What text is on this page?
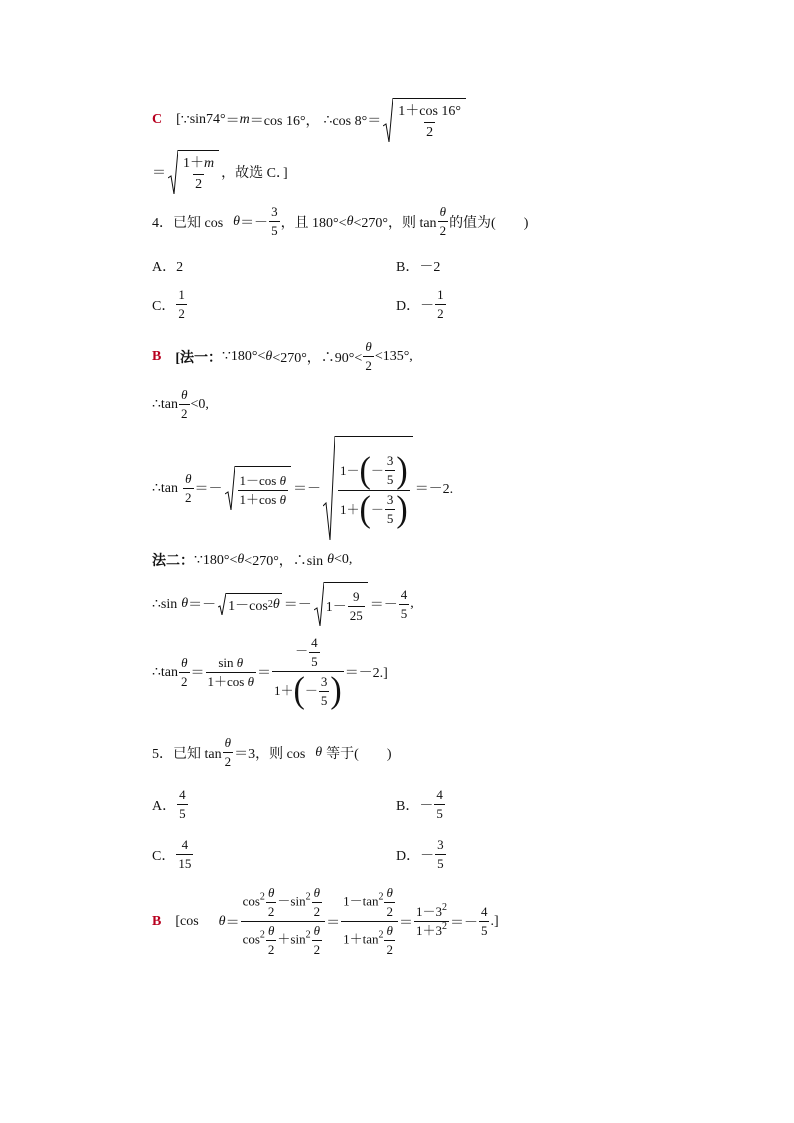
C [ ∵ sin74° ＝ m ＝cos 16°， ∴ $\cos 8^\circ= \frac{1+\cos 16^\circ}{2}$
＝ $\frac{1+m}{2}$ ，故选 C．]
4．已知 $\cos \theta =- \frac{3}{5}$ ，且 180°< θ <270°，则 $\tan \frac{\theta}{2}$ 的值为(　　)
A．2	B．－2
C． $\frac{1}{2}$	D．－ $\frac{1}{2}$
B [法一： ∵180°< θ <270°，∴90°< $\frac{\theta}{2} <135^\circ$,
∴tan $\frac{\theta}{2} <0$,
∴tan $\frac{\theta}{2} =- \frac{\text{1－cos θ}}{\text{1＋cos θ}} =- \frac{1- ( - \frac{3}{5} )}{1+ ( - \frac{3}{5} )} =-2$.
法二： ∵180°< θ <270°，∴sin θ <0,
∴sin θ ＝－ 1－cos 2 $\theta =- 1- \frac{9}{25} =- \frac{4}{5}$ ,
∴tan $\frac{\theta}{2} = \frac{\text{sin θ}}{\text{1＋cos θ}} = \frac{- \frac{4}{5}}{1+ ( - \frac{3}{5} )} =-2$.]
5．已知 $\tan \frac{\theta}{2} =3$，则 cos θ 等于(　　)
A． $\frac{4}{5}$	B．－ $\frac{4}{5}$
C． $\frac{4}{15}$	D．－ $\frac{3}{5}$
B [cos $\theta = \frac{\cos^2 \frac{\theta}{2} -\sin^2 \frac{\theta}{2}}{\cos^2 \frac{\theta}{2} +\sin^2 \frac{\theta}{2}} = \frac{1-\tan^2 \frac{\theta}{2}}{1+\tan^2 \frac{\theta}{2}} = \frac{1-3^2}{1+3^2} =- \frac{4}{5}$ .]
